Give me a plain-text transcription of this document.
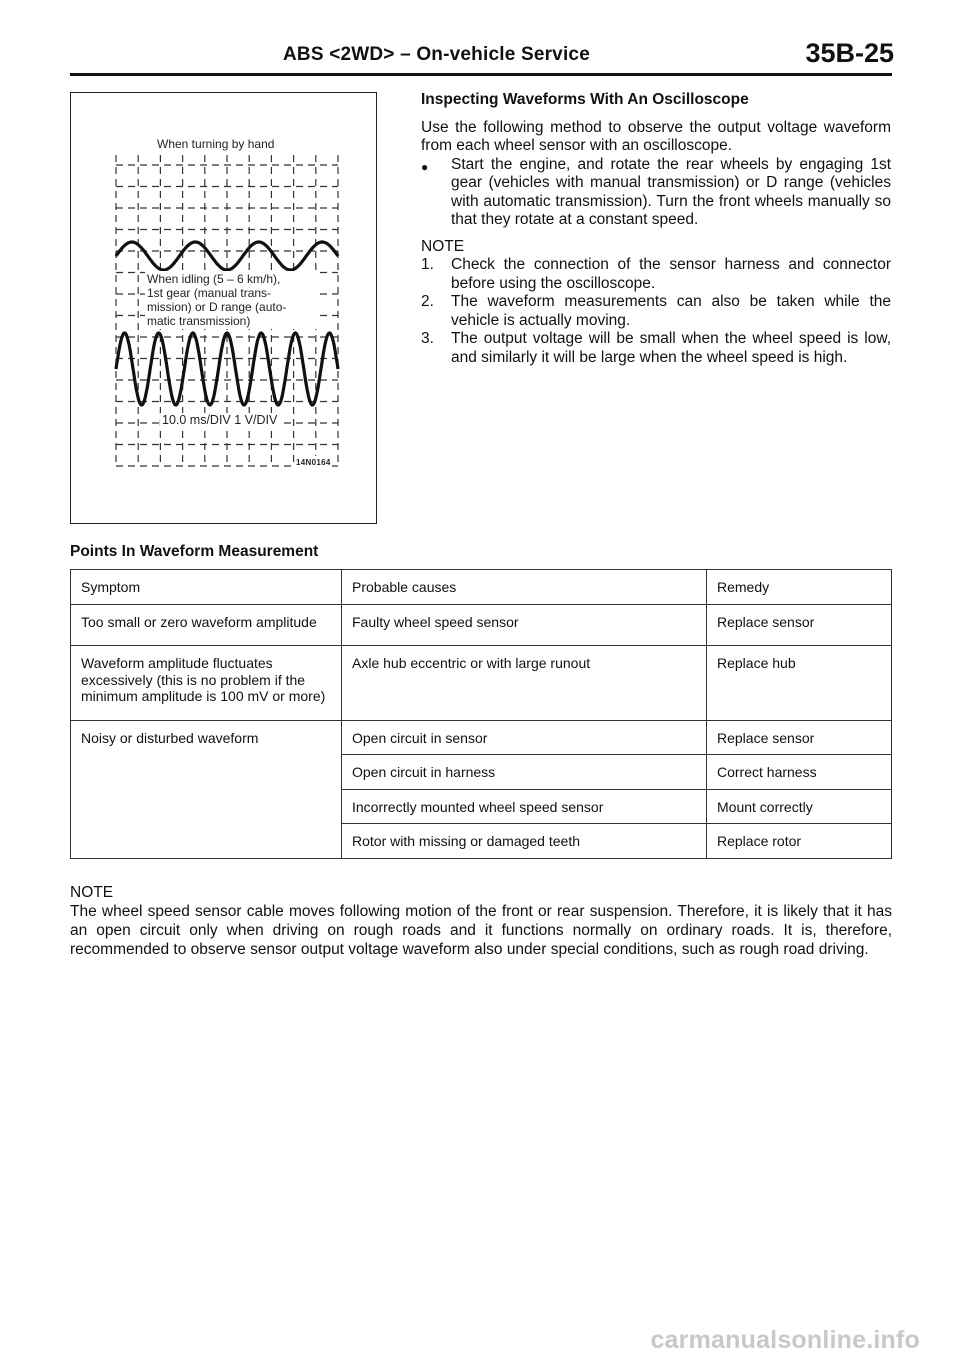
ABS <2WD> – On-vehicle Service	35B-25
When turning by hand
When idling (5 – 6 km/h),
1st gear (manual trans-
mission) or D range (auto-
matic transmission)
10.0 ms/DIV 1 V/DIV
14N0164

Inspecting Waveforms With An Oscilloscope

Use the following method to observe the output voltage waveform from each wheel sensor with an oscilloscope.

● Start the engine, and rotate the rear wheels by engaging 1st gear (vehicles with manual transmission) or D range (vehicles with automatic transmission). Turn the front wheels manually so that they rotate at a constant speed.

NOTE

1. Check the connection of the sensor harness and connector before using the oscilloscope.
2. The waveform measurements can also be taken while the vehicle is actually moving.
3. The output voltage will be small when the wheel speed is low, and similarly it will be large when the wheel speed is high.
Points In Waveform Measurement
Symptom	Probable causes	Remedy
Too small or zero waveform amplitude	Faulty wheel speed sensor	Replace sensor
Waveform amplitude fluctuates excessively (this is no problem if the minimum amplitude is 100 mV or more)	Axle hub eccentric or with large runout	Replace hub
Noisy or disturbed waveform	Open circuit in sensor	Replace sensor
	Open circuit in harness	Correct harness
	Incorrectly mounted wheel speed sensor	Mount correctly
	Rotor with missing or damaged teeth	Replace rotor

NOTE

The wheel speed sensor cable moves following motion of the front or rear suspension. Therefore, it is likely that it has an open circuit only when driving on rough roads and it functions normally on ordinary roads. It is, therefore, recommended to observe sensor output voltage waveform also under special conditions, such as rough road driving.

carmanualsonline.info
